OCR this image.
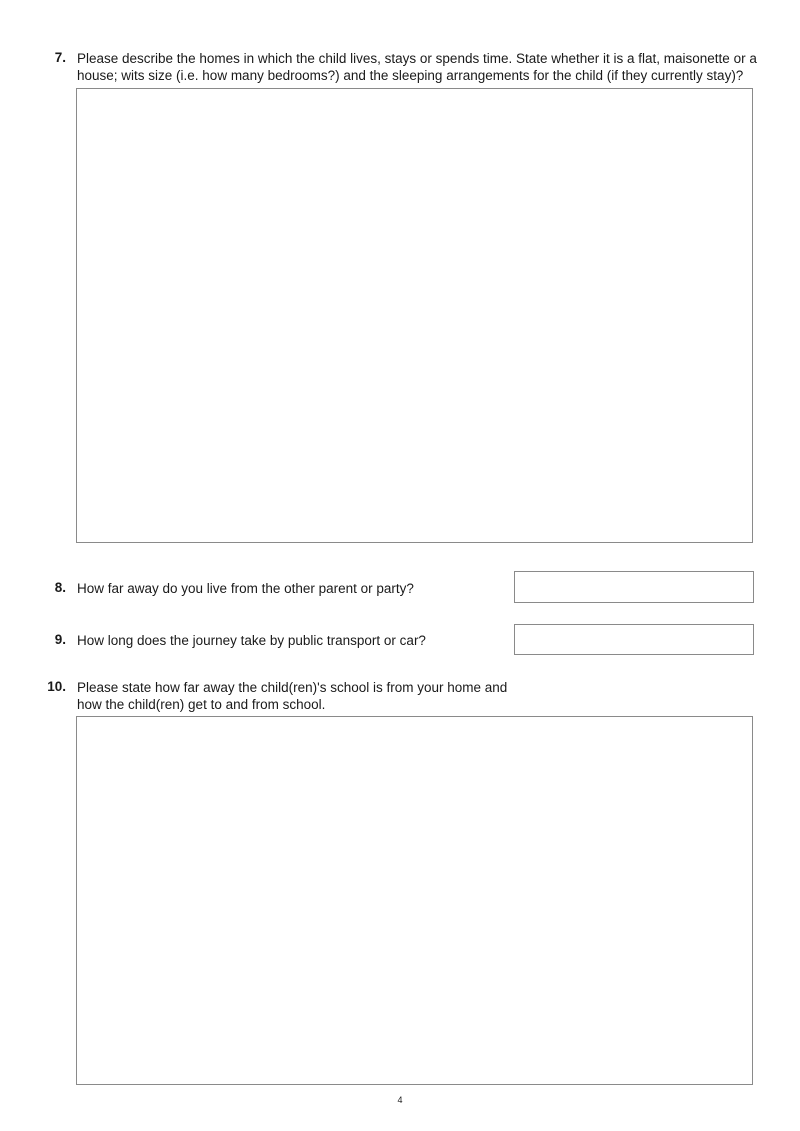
7. Please describe the homes in which the child lives, stays or spends time. State whether it is a flat, maisonette or a
house; wits size (i.e. how many bedrooms?) and the sleeping arrangements for the child (if they currently stay)?
8. How far away do you live from the other parent or party?
9. How long does the journey take by public transport or car?
10. Please state how far away the child(ren)'s school is from your home and
how the child(ren) get to and from school.
4
